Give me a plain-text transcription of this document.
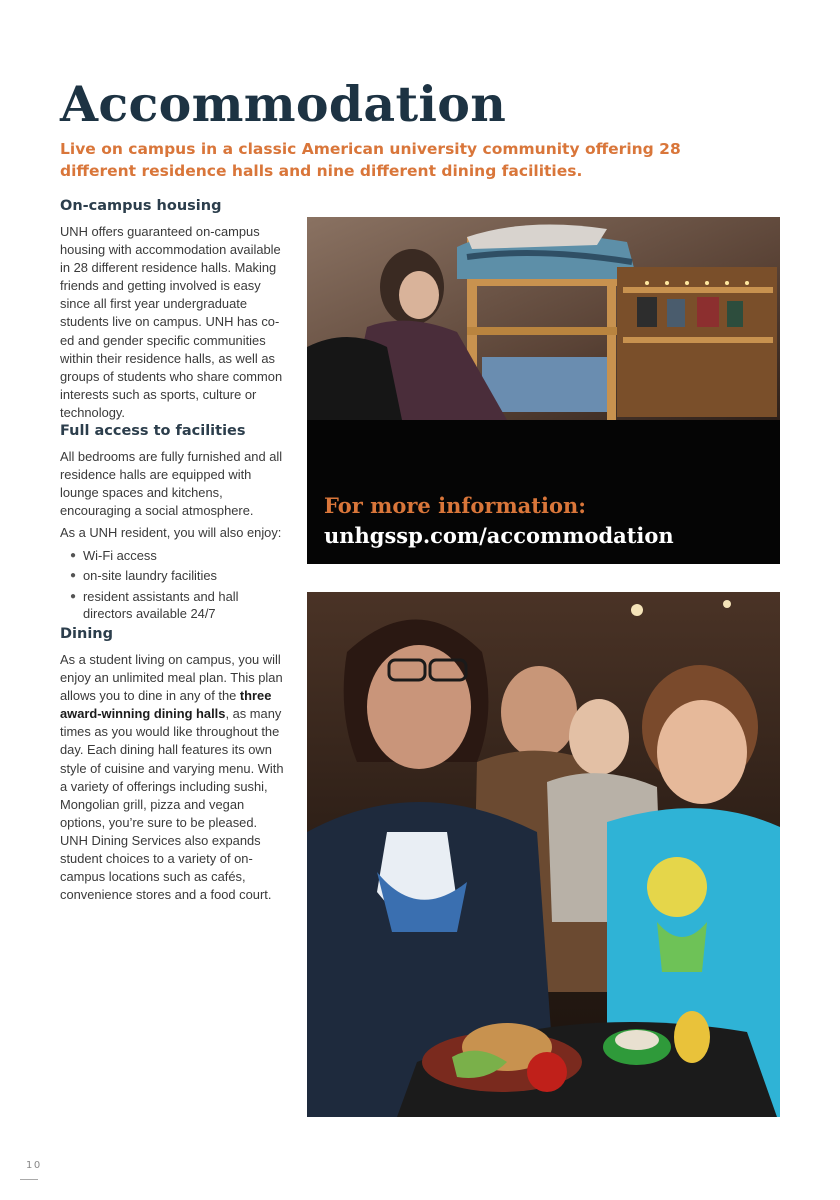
Accommodation

Live on campus in a classic American university community offering 28 different residence halls and nine different dining facilities.

On-campus housing

UNH offers guaranteed on-campus housing with accommodation available in 28 different residence halls. Making friends and getting involved is easy since all first year undergraduate students live on campus. UNH has co-ed and gender specific communities within their residence halls, as well as groups of students who share common interests such as sports, culture or technology.

Full access to facilities

All bedrooms are fully furnished and all residence halls are equipped with lounge spaces and kitchens, encouraging a social atmosphere.

As a UNH resident, you will also enjoy:

● Wi-Fi access
● on-site laundry facilities
● resident assistants and hall directors available 24/7
Dining

As a student living on campus, you will enjoy an unlimited meal plan. This plan allows you to dine in any of the three award-winning dining halls, as many times as you would like throughout the day. Each dining hall features its own style of cuisine and varying menu. With a variety of offerings including sushi, Mongolian grill, pizza and vegan options, you’re sure to be pleased. UNH Dining Services also expands student choices to a variety of on-campus locations such as cafés, convenience stores and a food court.

For more information:
unhgssp.com/accommodation
10
